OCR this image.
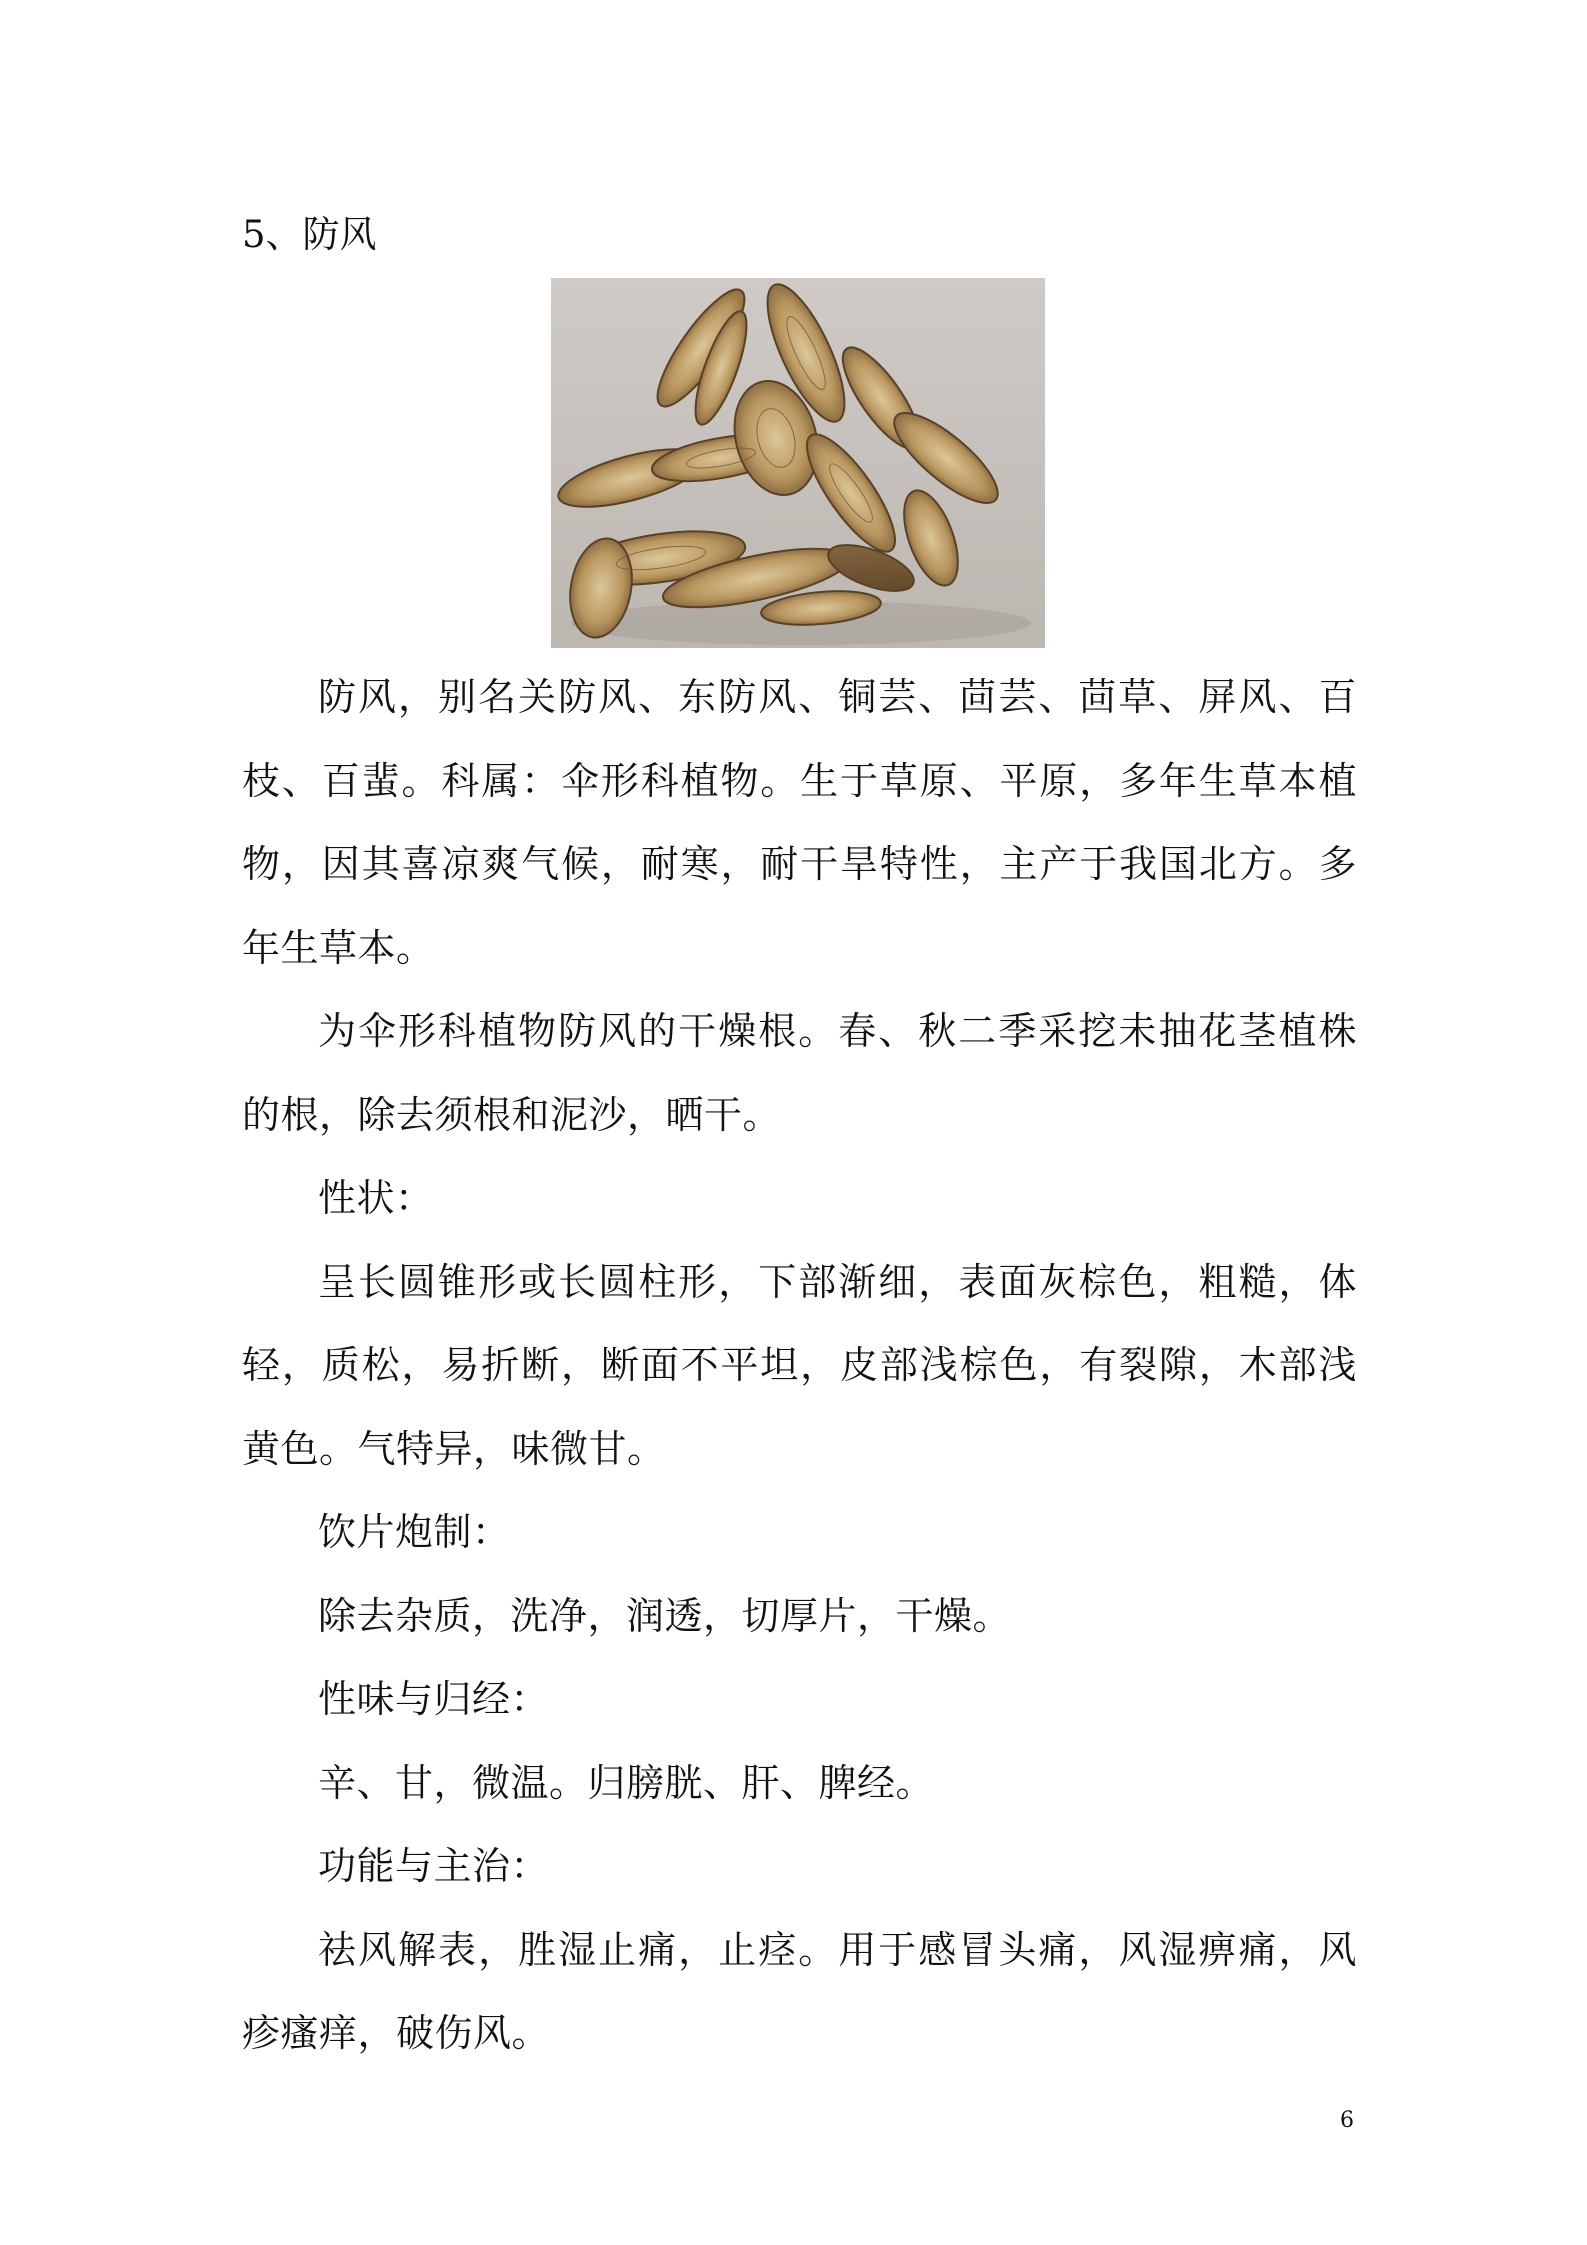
5、防风

防风，别名关防风、东防风、铜芸、茴芸、茴草、屏风、百枝、百蜚。科属：伞形科植物。生于草原、平原，多年生草本植物，因其喜凉爽气候，耐寒，耐干旱特性，主产于我国北方。多年生草本。

为伞形科植物防风的干燥根。春、秋二季采挖未抽花茎植株的根，除去须根和泥沙，晒干。

性状：

呈长圆锥形或长圆柱形，下部渐细，表面灰棕色，粗糙，体轻，质松，易折断，断面不平坦，皮部浅棕色，有裂隙，木部浅黄色。气特异，味微甘。

饮片炮制：

除去杂质，洗净，润透，切厚片，干燥。

性味与归经：

辛、甘，微温。归膀胱、肝、脾经。

功能与主治：

祛风解表，胜湿止痛，止痉。用于感冒头痛，风湿痹痛，风疹瘙痒，破伤风。

6
